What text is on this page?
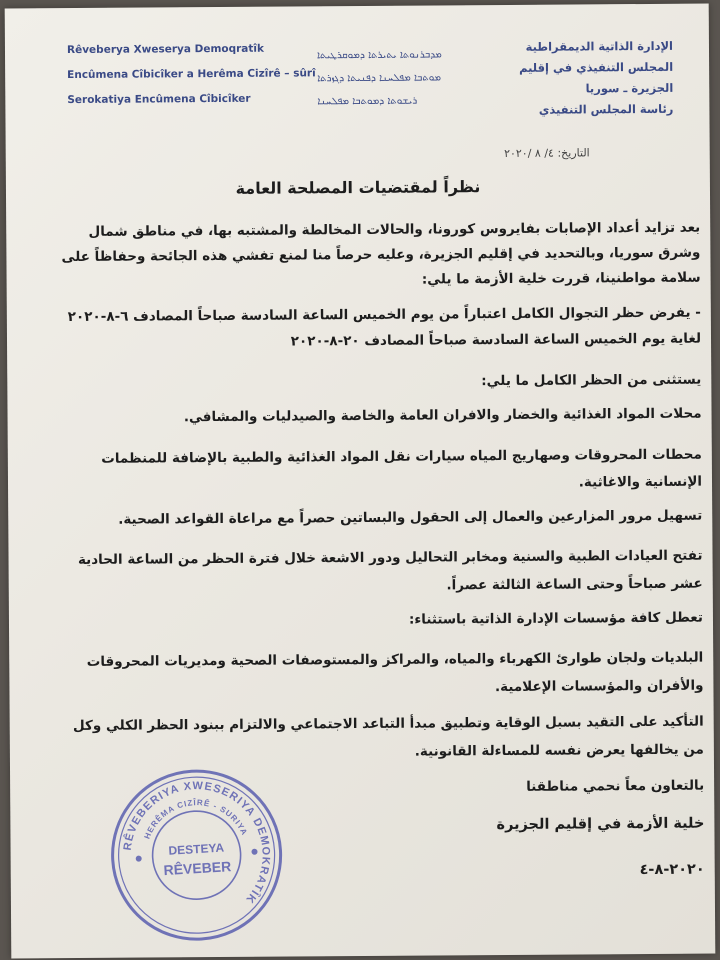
Rêveberya Xweserya Demoqratîk
Encûmena Cîbicîker a Herêma Cizîrê – sûrî
Serokatiya Encûmena Cîbicîker
ܡܕܒܪܢܘܬܐ ܝܬܝܪܬܐ ܕܡܘܩܪܛܝܬܐ
ܡܘܬܒܐ ܡܦܠܚܢܐ ܕܦܢܝܬܐ ܕܓܙܪܬܐ
ܪܝܫܘܬܐ ܕܡܘܬܒܐ ܡܦܠܚܢܐ
الإدارة الذاتية الديمقراطية
المجلس التنفيذي في إقليم الجزيرة ـ سوريا
رئاسة المجلس التنفيذي
التاريخ: ٤/ ٨ /٢٠٢٠
نظراً لمقتضيات المصلحة العامة
بعد تزايد أعداد الإصابات بفايروس كورونا، والحالات المخالطة والمشتبه بها، في مناطق شمال وشرق سوريا، وبالتحديد في إقليم الجزيرة، وعليه حرصاً منا لمنع تفشي هذه الجائحة وحفاظاً على سلامة مواطنينا، قررت خلية الأزمة ما يلي:
- يفرض حظر التجوال الكامل اعتباراً من يوم الخميس الساعة السادسة صباحاً المصادف ٦-٨-٢٠٢٠ لغاية يوم الخميس الساعة السادسة صباحاً المصادف ٢٠-٨-٢٠٢٠
يستثنى من الحظر الكامل ما يلي:
محلات المواد الغذائية والخضار والافران العامة والخاصة والصيدليات والمشافي.
محطات المحروقات وصهاريج المياه سيارات نقل المواد الغذائية والطبية بالإضافة للمنظمات الإنسانية والاغاثية.
تسهيل مرور المزارعين والعمال إلى الحقول والبساتين حصراً مع مراعاة القواعد الصحية.
تفتح العيادات الطبية والسنية ومخابر التحاليل ودور الاشعة خلال فترة الحظر من الساعة الحادية عشر صباحاً وحتى الساعة الثالثة عصراً.
تعطل كافة مؤسسات الإدارة الذاتية باستثناء:
البلديات ولجان طوارئ الكهرباء والمياه، والمراكز والمستوصفات الصحية ومديريات المحروقات والأفران والمؤسسات الإعلامية.
التأكيد على التقيد بسبل الوقاية وتطبيق مبدأ التباعد الاجتماعي والالتزام ببنود الحظر الكلي وكل من يخالفها يعرض نفسه للمساءلة القانونية.
بالتعاون معاً نحمي مناطقنا
خلية الأزمة في إقليم الجزيرة
٢٠٢٠-٨-٤
RÊVEBERIYA XWESERIYA DEMOKRATÎK
HERÊMA CIZÎRÊ - SURIYA
DESTEYA
RÊVEBER
